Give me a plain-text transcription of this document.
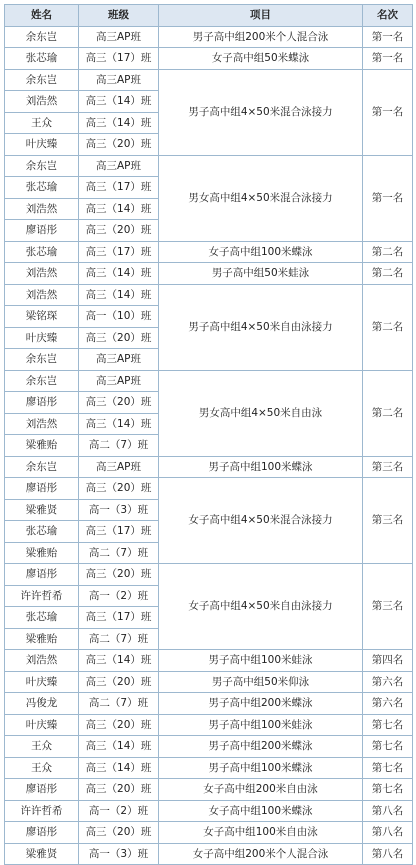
姓名	班级	项目	名次
余东岂	高三AP班	男子高中组200米个人混合泳	第一名
张芯瑜	高三（17）班	女子高中组50米蝶泳	第一名
余东岂	高三AP班	男子高中组4×50米混合泳接力	第一名
刘浩然	高三（14）班		
王众	高三（14）班		
叶庆臻	高三（20）班		
余东岂	高三AP班	男女高中组4×50米混合泳接力	第一名
张芯瑜	高三（17）班		
刘浩然	高三（14）班		
廖语彤	高三（20）班		
张芯瑜	高三（17）班	女子高中组100米蝶泳	第二名
刘浩然	高三（14）班	男子高中组50米蛙泳	第二名
刘浩然	高三（14）班	男子高中组4×50米自由泳接力	第二名
梁铭琛	高一（10）班		
叶庆臻	高三（20）班		
余东岂	高三AP班		
余东岂	高三AP班	男女高中组4×50米自由泳	第二名
廖语彤	高三（20）班		
刘浩然	高三（14）班		
梁雅贻	高二（7）班		
余东岂	高三AP班	男子高中组100米蝶泳	第三名
廖语彤	高三（20）班	女子高中组4×50米混合泳接力	第三名
梁雅贤	高一（3）班		
张芯瑜	高三（17）班		
梁雅贻	高二（7）班		
廖语彤	高三（20）班	女子高中组4×50米自由泳接力	第三名
许许哲希	高一（2）班		
张芯瑜	高三（17）班		
梁雅贻	高二（7）班		
刘浩然	高三（14）班	男子高中组100米蛙泳	第四名
叶庆臻	高三（20）班	男子高中组50米仰泳	第六名
冯俊龙	高二（7）班	男子高中组200米蝶泳	第六名
叶庆臻	高三（20）班	男子高中组100米蛙泳	第七名
王众	高三（14）班	男子高中组200米蝶泳	第七名
王众	高三（14）班	男子高中组100米蝶泳	第七名
廖语彤	高三（20）班	女子高中组200米自由泳	第七名
许许哲希	高一（2）班	女子高中组100米蝶泳	第八名
廖语彤	高三（20）班	女子高中组100米自由泳	第八名
梁雅贤	高一（3）班	女子高中组200米个人混合泳	第八名
